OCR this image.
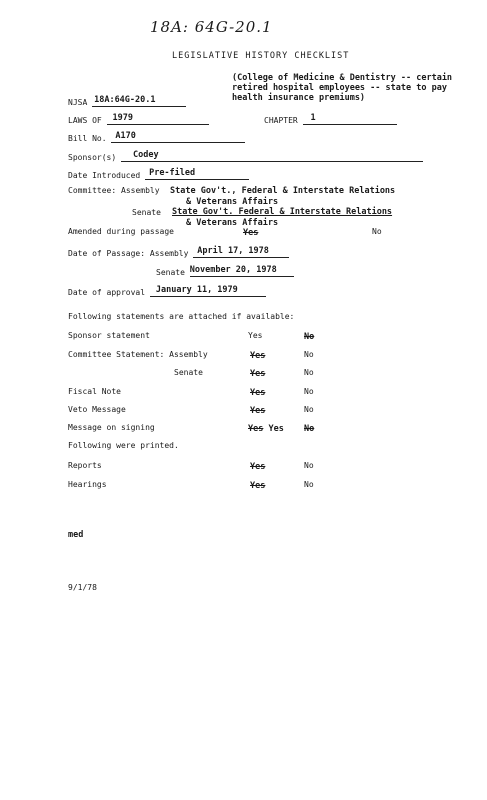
18A: 64G-20.1
LEGISLATIVE HISTORY CHECKLIST
(College of Medicine & Dentistry -- certain
retired hospital employees -- state to pay
health insurance premiums)
NJSA 18A:64G-20.1
LAWS OF 1979	CHAPTER 1
Bill No. A170
Sponsor(s) Codey
Date Introduced Pre-filed
Committee: Assembly State Gov't., Federal & Interstate Relations
& Veterans Affairs
Senate State Gov't. Federal & Interstate Relations
& Veterans Affairs
Amended during passage	Yes	No
Date of Passage: Assembly April 17, 1978
Senate November 20, 1978
Date of approval January 11, 1979
Following statements are attached if available:
Sponsor statement	Yes	No
Committee Statement: Assembly	Yes	No
Senate	Yes	No
Fiscal Note	Yes	No
Veto Message	Yes	No
Message on signing	Yes Yes No
Following were printed.
Reports	Yes	No
Hearings	Yes	No
med
9/1/78
